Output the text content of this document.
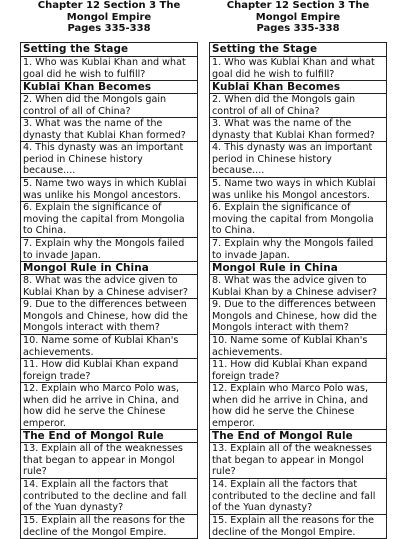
Chapter 12 Section 3 The
Mongol Empire
Pages 335-338
Setting the Stage
1. Who was Kublai Khan and what goal did he wish to fulfill?
Kublai Khan Becomes
2. When did the Mongols gain control of all of China?
3. What was the name of the dynasty that Kublai Khan formed?
4. This dynasty was an important period in Chinese history because....
5. Name two ways in which Kublai was unlike his Mongol ancestors.
6. Explain the significance of moving the capital from Mongolia to China.
7. Explain why the Mongols failed to invade Japan.
Mongol Rule in China
8. What was the advice given to Kublai Khan by a Chinese adviser?
9. Due to the differences between Mongols and Chinese, how did the Mongols interact with them?
10. Name some of Kublai Khan's achievements.
11. How did Kublai Khan expand foreign trade?
12. Explain who Marco Polo was, when did he arrive in China, and how did he serve the Chinese emperor.
The End of Mongol Rule
13. Explain all of the weaknesses that began to appear in Mongol rule?
14. Explain all the factors that contributed to the decline and fall of the Yuan dynasty?
15. Explain all the reasons for the decline of the Mongol Empire.
Chapter 12 Section 3 The
Mongol Empire
Pages 335-338
Setting the Stage
1. Who was Kublai Khan and what goal did he wish to fulfill?
Kublai Khan Becomes
2. When did the Mongols gain control of all of China?
3. What was the name of the dynasty that Kublai Khan formed?
4. This dynasty was an important period in Chinese history because....
5. Name two ways in which Kublai was unlike his Mongol ancestors.
6. Explain the significance of moving the capital from Mongolia to China.
7. Explain why the Mongols failed to invade Japan.
Mongol Rule in China
8. What was the advice given to Kublai Khan by a Chinese adviser?
9. Due to the differences between Mongols and Chinese, how did the Mongols interact with them?
10. Name some of Kublai Khan's achievements.
11. How did Kublai Khan expand foreign trade?
12. Explain who Marco Polo was, when did he arrive in China, and how did he serve the Chinese emperor.
The End of Mongol Rule
13. Explain all of the weaknesses that began to appear in Mongol rule?
14. Explain all the factors that contributed to the decline and fall of the Yuan dynasty?
15. Explain all the reasons for the decline of the Mongol Empire.
